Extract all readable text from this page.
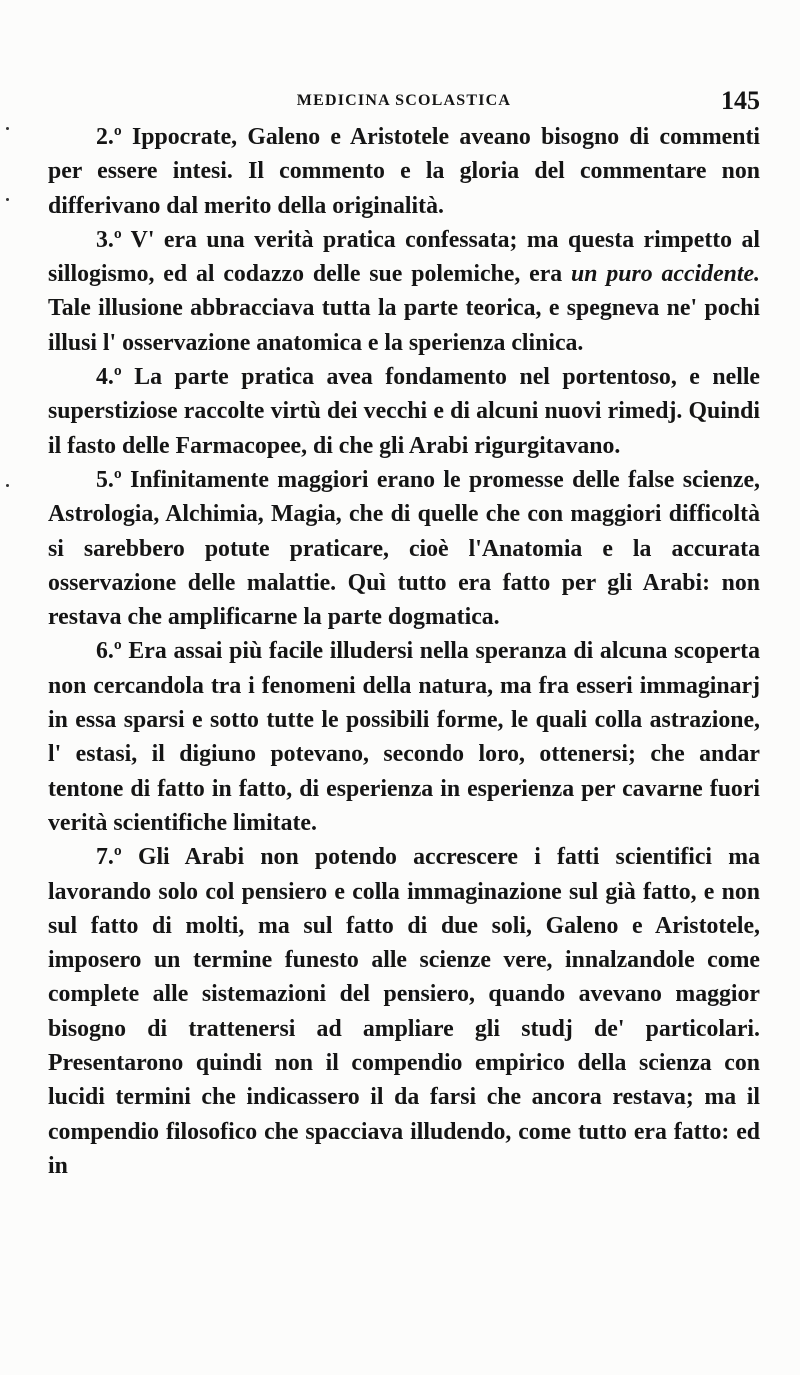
MEDICINA SCOLASTICA	145

2.º Ippocrate, Galeno e Aristotele aveano bisogno di commenti per essere intesi. Il commento e la gloria del commentare non differivano dal merito della originalità.

3.º V' era una verità pratica confessata; ma questa rimpetto al sillogismo, ed al codazzo delle sue polemiche, era un puro accidente. Tale illusione abbracciava tutta la parte teorica, e spegneva ne' pochi illusi l' osservazione anatomica e la sperienza clinica.

4.º La parte pratica avea fondamento nel portentoso, e nelle superstiziose raccolte virtù dei vecchi e di alcuni nuovi rimedj. Quindi il fasto delle Farmacopee, di che gli Arabi rigurgitavano.

5.º Infinitamente maggiori erano le promesse delle false scienze, Astrologia, Alchimia, Magia, che di quelle che con maggiori difficoltà si sarebbero potute praticare, cioè l'Anatomia e la accurata osservazione delle malattie. Quì tutto era fatto per gli Arabi: non restava che amplificarne la parte dogmatica.

6.º Era assai più facile illudersi nella speranza di alcuna scoperta non cercandola tra i fenomeni della natura, ma fra esseri immaginarj in essa sparsi e sotto tutte le possibili forme, le quali colla astrazione, l' estasi, il digiuno potevano, secondo loro, ottenersi; che andar tentone di fatto in fatto, di esperienza in esperienza per cavarne fuori verità scientifiche limitate.

7.º Gli Arabi non potendo accrescere i fatti scientifici ma lavorando solo col pensiero e colla immaginazione sul già fatto, e non sul fatto di molti, ma sul fatto di due soli, Galeno e Aristotele, imposero un termine funesto alle scienze vere, innalzandole come complete alle sistemazioni del pensiero, quando avevano maggior bisogno di trattenersi ad ampliare gli studj de' particolari. Presentarono quindi non il compendio empirico della scienza con lucidi termini che indicassero il da farsi che ancora restava; ma il compendio filosofico che spacciava illudendo, come tutto era fatto: ed in
